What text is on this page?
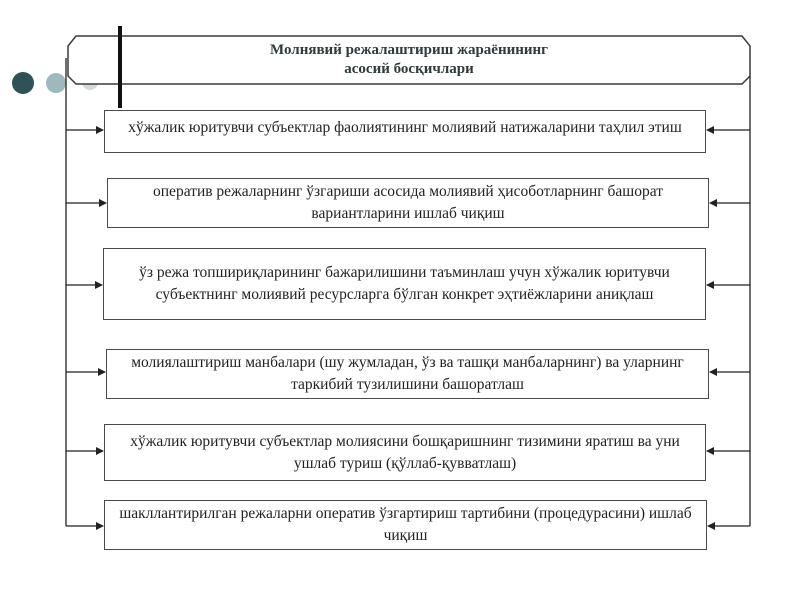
Молнявий режалаштириш жараёнининг
асосий босқичлари
хўжалик юритувчи субъектлар фаолиятининг молиявий натижаларини таҳлил этиш
оператив режаларнинг ўзгариши асосида молиявий ҳисоботларнинг башорат вариантларини ишлаб чиқиш
ўз режа топшириқларининг бажарилишини таъминлаш учун хўжалик юритувчи субъектнинг молиявий ресурсларга бўлган конкрет эҳтиёжларини аниқлаш
молиялаштириш манбалари (шу жумладан, ўз ва ташқи манбаларнинг) ва уларнинг таркибий тузилишини башоратлаш
хўжалик юритувчи субъектлар молиясини бошқаришнинг тизимини яратиш ва уни ушлаб туриш (қўллаб-қувватлаш)
шакллантирилган режаларни оператив ўзгартириш тартибини (процедурасини) ишлаб чиқиш
